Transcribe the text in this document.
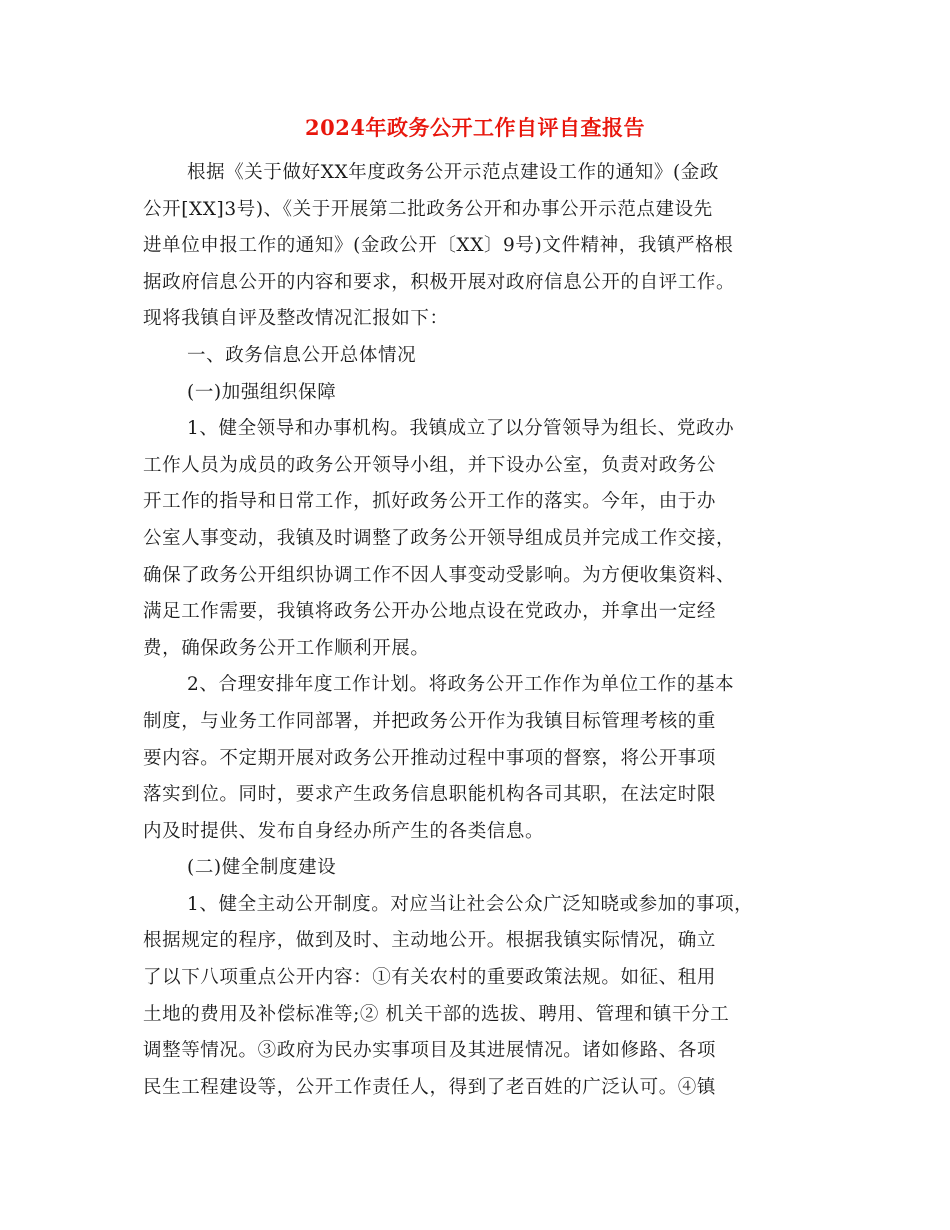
2024年政务公开工作自评自查报告
根据《关于做好XX年度政务公开示范点建设工作的通知》(金政
公开[XX]3号)、《关于开展第二批政务公开和办事公开示范点建设先
进单位申报工作的通知》(金政公开〔XX〕9号)文件精神，我镇严格根
据政府信息公开的内容和要求，积极开展对政府信息公开的自评工作。
现将我镇自评及整改情况汇报如下：
一、政务信息公开总体情况
(一)加强组织保障
1、健全领导和办事机构。我镇成立了以分管领导为组长、党政办
工作人员为成员的政务公开领导小组，并下设办公室，负责对政务公
开工作的指导和日常工作，抓好政务公开工作的落实。今年，由于办
公室人事变动，我镇及时调整了政务公开领导组成员并完成工作交接，
确保了政务公开组织协调工作不因人事变动受影响。为方便收集资料、
满足工作需要，我镇将政务公开办公地点设在党政办，并拿出一定经
费，确保政务公开工作顺利开展。
2、合理安排年度工作计划。将政务公开工作作为单位工作的基本
制度，与业务工作同部署，并把政务公开作为我镇目标管理考核的重
要内容。不定期开展对政务公开推动过程中事项的督察，将公开事项
落实到位。同时，要求产生政务信息职能机构各司其职，在法定时限
内及时提供、发布自身经办所产生的各类信息。
(二)健全制度建设
1、健全主动公开制度。对应当让社会公众广泛知晓或参加的事项，
根据规定的程序，做到及时、主动地公开。根据我镇实际情况，确立
了以下八项重点公开内容：①有关农村的重要政策法规。如征、租用
土地的费用及补偿标准等;② 机关干部的选拔、聘用、管理和镇干分工
调整等情况。③政府为民办实事项目及其进展情况。诸如修路、各项
民生工程建设等，公开工作责任人，得到了老百姓的广泛认可。④镇
